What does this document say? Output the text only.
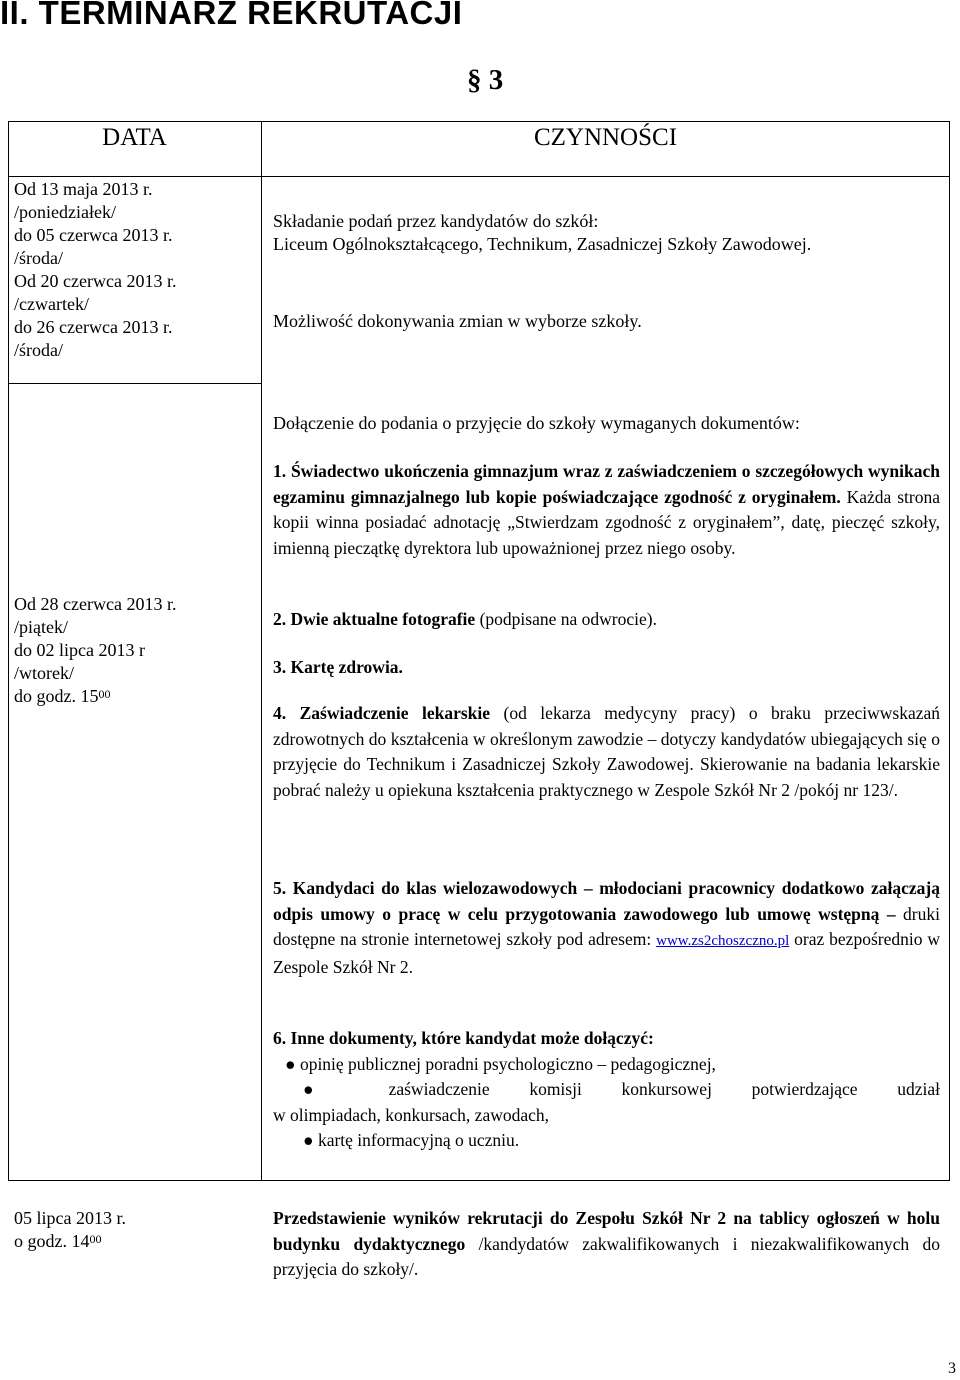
II. TERMINARZ REKRUTACJI
§ 3
DATA	CZYNNOŚCI
Od 13 maja 2013 r.
/poniedziałek/
do 05 czerwca 2013 r.
/środa/
Od 20 czerwca 2013 r.
/czwartek/
do 26 czerwca 2013 r.
/środa/
Składanie podań przez kandydatów do szkół:
Liceum Ogólnokształcącego, Technikum, Zasadniczej Szkoły Zawodowej.
Możliwość dokonywania zmian w wyborze szkoły.
Od 28 czerwca 2013 r.
/piątek/
do 02 lipca 2013 r
/wtorek/
do godz. $15^{00}$
Dołączenie do podania o przyjęcie do szkoły wymaganych dokumentów:
1. Świadectwo ukończenia gimnazjum wraz z zaświadczeniem o szczegółowych wynikach egzaminu gimnazjalnego lub kopie poświadczające zgodność z oryginałem. Każda strona kopii winna posiadać adnotację „Stwierdzam zgodność z oryginałem”, datę, pieczęć szkoły, imienną pieczątkę dyrektora lub upoważnionej przez niego osoby.
2. Dwie aktualne fotografie (podpisane na odwrocie).
3. Kartę zdrowia.
4. Zaświadczenie lekarskie (od lekarza medycyny pracy) o braku przeciwwskazań zdrowotnych do kształcenia w określonym zawodzie – dotyczy kandydatów ubiegających się o przyjęcie do Technikum i Zasadniczej Szkoły Zawodowej. Skierowanie na badania lekarskie pobrać należy u opiekuna kształcenia praktycznego w Zespole Szkół Nr 2 /pokój nr 123/.
5. Kandydaci do klas wielozawodowych – młodociani pracownicy dodatkowo załączają odpis umowy o pracę w celu przygotowania zawodowego lub umowę wstępną – druki dostępne na stronie internetowej szkoły pod adresem: www.zs2choszczno.pl oraz bezpośrednio w Zespole Szkół Nr 2.
6. Inne dokumenty, które kandydat może dołączyć:
● opinię publicznej poradni psychologiczno – pedagogicznej,
● zaświadczenie komisji konkursowej potwierdzające udział
w olimpiadach, konkursach, zawodach,
● kartę informacyjną o uczniu.
05 lipca 2013 r.
o godz. $14^{00}$
Przedstawienie wyników rekrutacji do Zespołu Szkół Nr 2 na tablicy ogłoszeń w holu budynku dydaktycznego /kandydatów zakwalifikowanych i niezakwalifikowanych do przyjęcia do szkoły/.
3
